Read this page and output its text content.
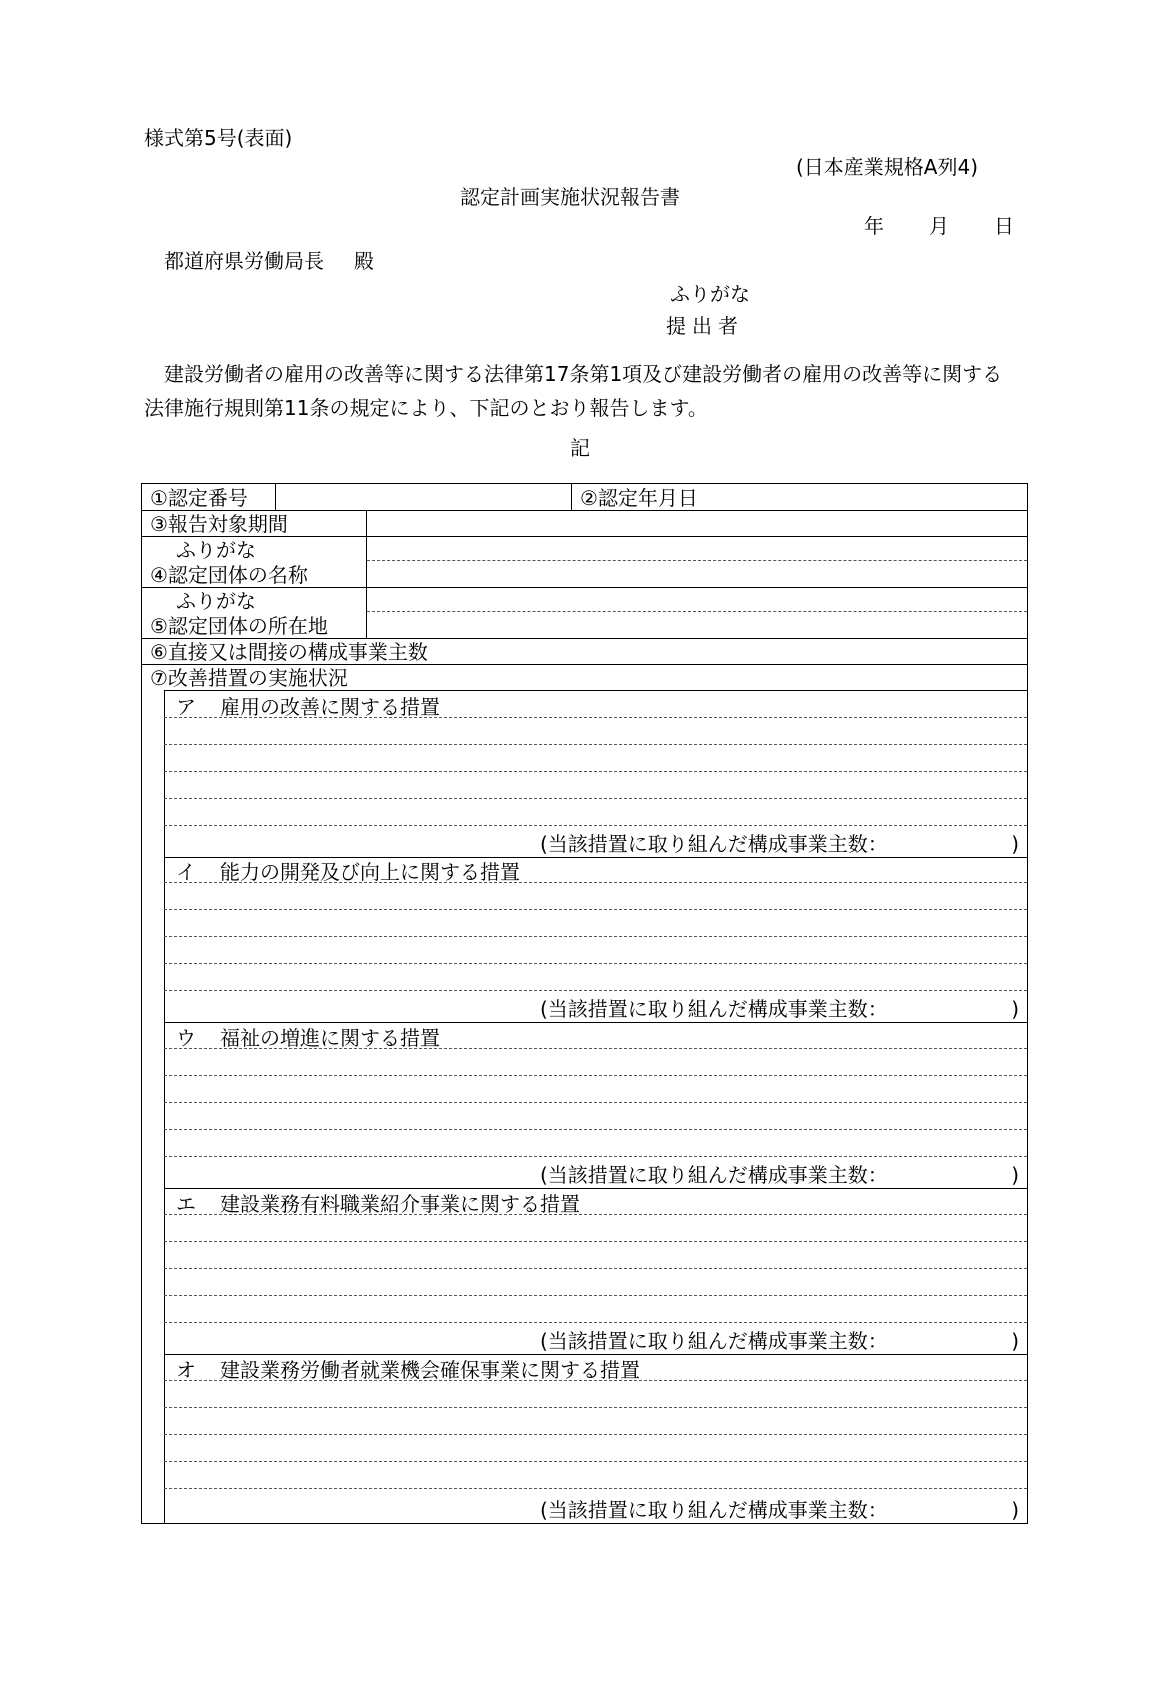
様式第5号(表面)
(日本産業規格A列4)
認定計画実施状況報告書
年 月 日
都道府県労働局長 殿
ふりがな
提出者
建設労働者の雇用の改善等に関する法律第17条第1項及び建設労働者の雇用の改善等に関する法律施行規則第11条の規定により、下記のとおり報告します。
記
①認定番号	②認定年月日
③報告対象期間
ふりがな
④認定団体の名称
ふりがな
⑤認定団体の所在地
⑥直接又は間接の構成事業主数
⑦改善措置の実施状況
ア 雇用の改善に関する措置
(当該措置に取り組んだ構成事業主数：	)
イ 能力の開発及び向上に関する措置
(当該措置に取り組んだ構成事業主数：	)
ウ 福祉の増進に関する措置
(当該措置に取り組んだ構成事業主数：	)
エ 建設業務有料職業紹介事業に関する措置
(当該措置に取り組んだ構成事業主数：	)
オ 建設業務労働者就業機会確保事業に関する措置
(当該措置に取り組んだ構成事業主数：	)
